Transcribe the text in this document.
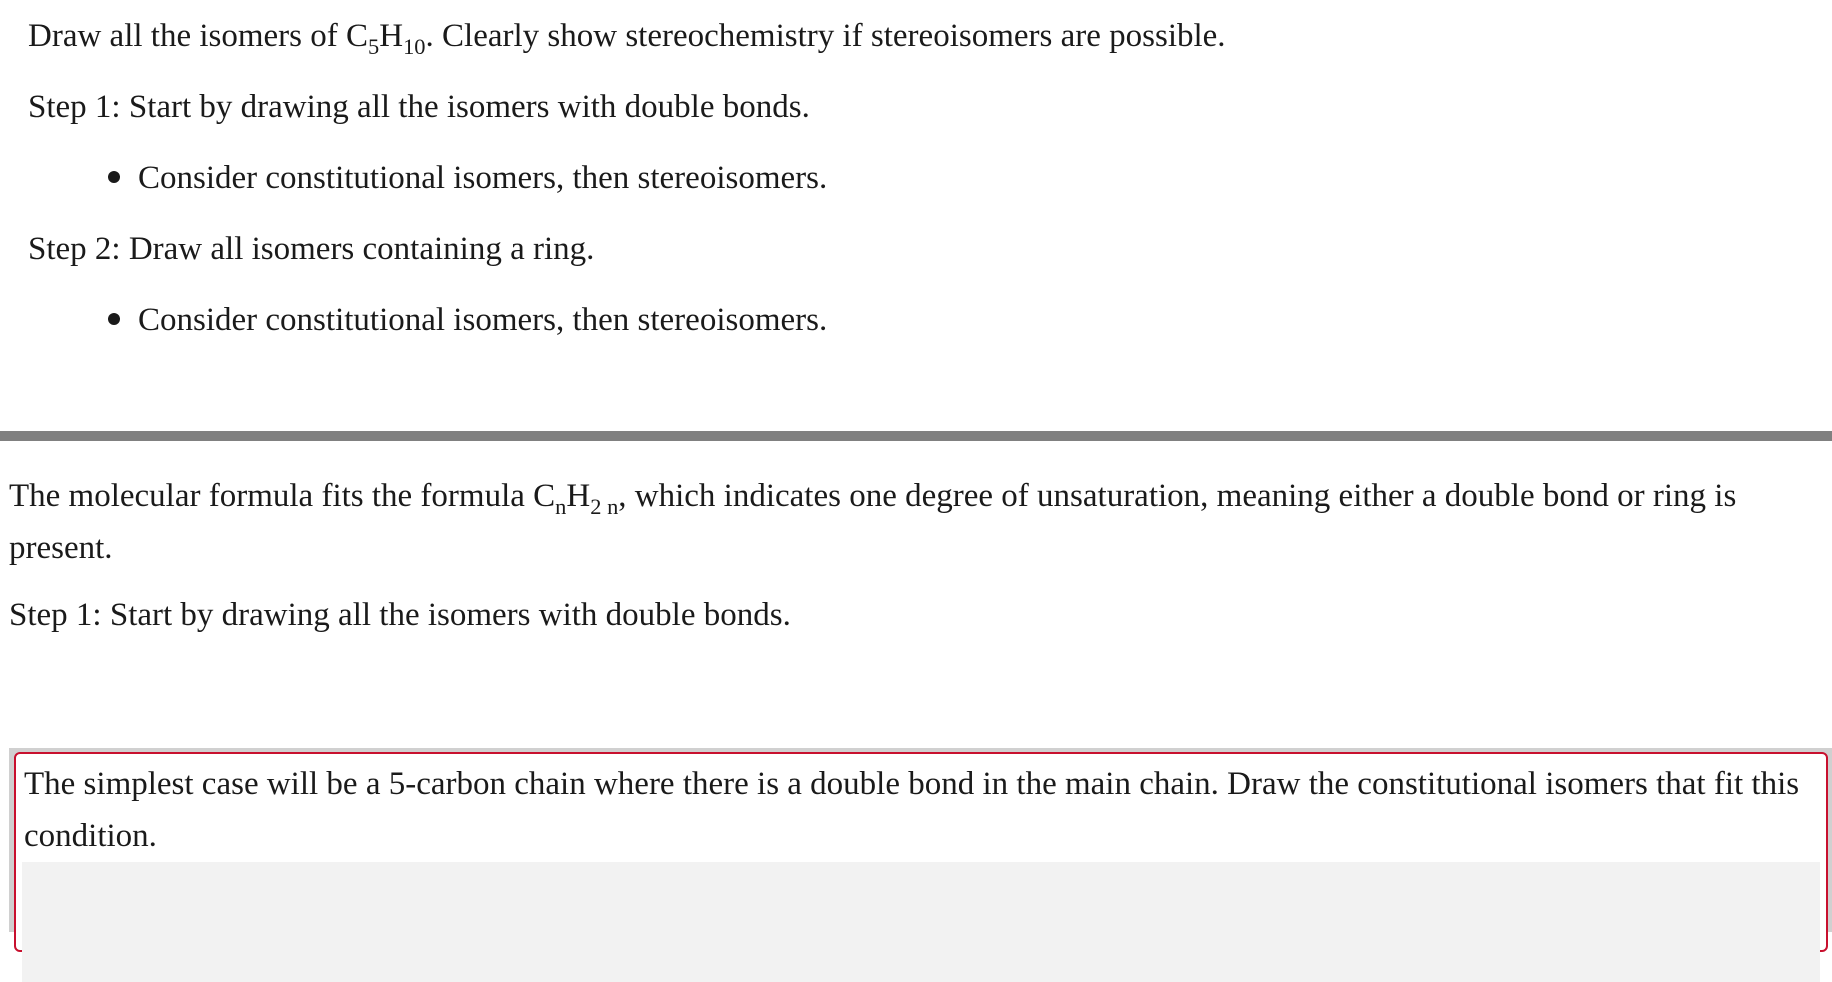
Draw all the isomers of $C_5H_{10}$. Clearly show stereochemistry if stereoisomers are possible.
Step 1: Start by drawing all the isomers with double bonds.
Consider constitutional isomers, then stereoisomers.
Step 2: Draw all isomers containing a ring.
Consider constitutional isomers, then stereoisomers.

The molecular formula fits the formula $C_nH_{2 n}$, which indicates one degree of unsaturation, meaning either a double bond or ring is present.

Step 1: Start by drawing all the isomers with double bonds.
The simplest case will be a 5-carbon chain where there is a double bond in the main chain. Draw the constitutional isomers that fit this condition.
